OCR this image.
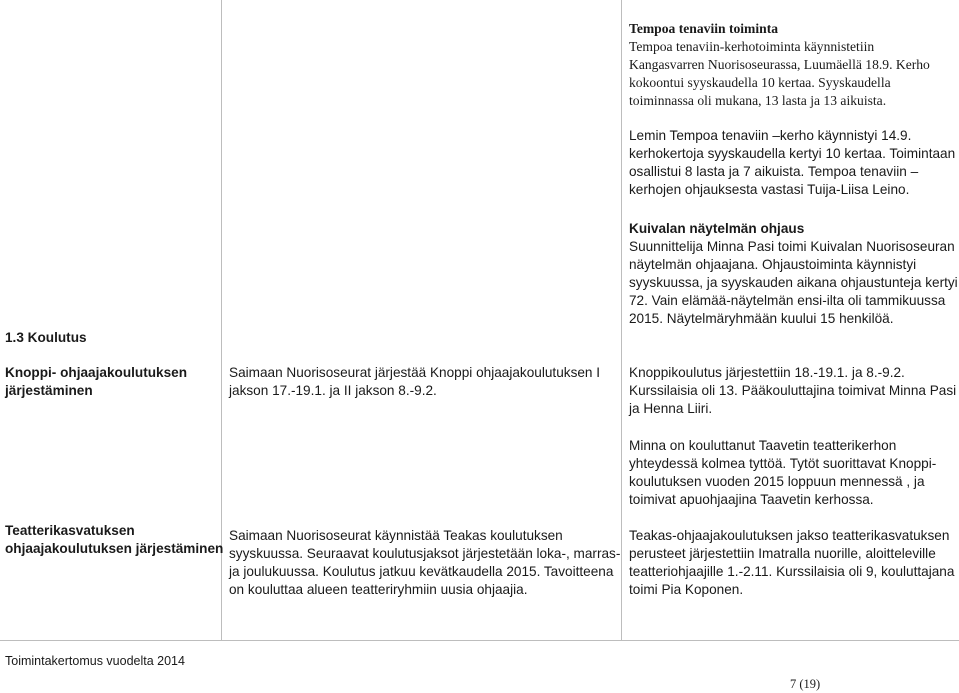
Tempoa tenaviin toiminta

Tempoa tenaviin-kerhotoiminta käynnistetiin

Kangasvarren Nuorisoseurassa, Luumäellä 18.9. Kerho

kokoontui syyskaudella 10 kertaa. Syyskaudella

toiminnassa oli mukana, 13 lasta ja 13 aikuista.

Lemin Tempoa tenaviin –kerho käynnistyi 14.9.

kerhokertoja syyskaudella kertyi 10 kertaa. Toimintaan

osallistui 8 lasta ja 7 aikuista. Tempoa tenaviin –

kerhojen ohjauksesta vastasi Tuija-Liisa Leino.

Kuivalan näytelmän ohjaus

Suunnittelija Minna Pasi toimi Kuivalan Nuorisoseuran

näytelmän ohjaajana. Ohjaustoiminta käynnistyi

syyskuussa, ja syyskauden aikana ohjaustunteja kertyi

72. Vain elämää-näytelmän ensi-ilta oli tammikuussa

2015. Näytelmäryhmään kuului 15 henkilöä.

1.3 Koulutus

Knoppi- ohjaajakoulutuksen

järjestäminen

Saimaan Nuorisoseurat järjestää Knoppi ohjaajakoulutuksen I

jakson 17.-19.1. ja II jakson 8.-9.2.

Knoppikoulutus järjestettiin 18.-19.1. ja 8.-9.2.

Kurssilaisia oli 13. Pääkouluttajina toimivat Minna Pasi

ja Henna Liiri.

Minna on kouluttanut Taavetin teatterikerhon

yhteydessä kolmea tyttöä. Tytöt suorittavat Knoppi-

koulutuksen vuoden 2015 loppuun mennessä , ja

toimivat apuohjaajina Taavetin kerhossa.

Teatterikasvatuksen

ohjaajakoulutuksen järjestäminen

Saimaan Nuorisoseurat käynnistää Teakas koulutuksen

syyskuussa. Seuraavat koulutusjaksot järjestetään loka-, marras-

ja joulukuussa. Koulutus jatkuu kevätkaudella 2015. Tavoitteena

on kouluttaa alueen teatteriryhmiin uusia ohjaajia.

Teakas-ohjaajakoulutuksen jakso teatterikasvatuksen

perusteet järjestettiin Imatralla nuorille, aloitteleville

teatteriohjaajille 1.-2.11. Kurssilaisia oli 9, kouluttajana

toimi Pia Koponen.

Toimintakertomus vuodelta 2014
7 (19)
